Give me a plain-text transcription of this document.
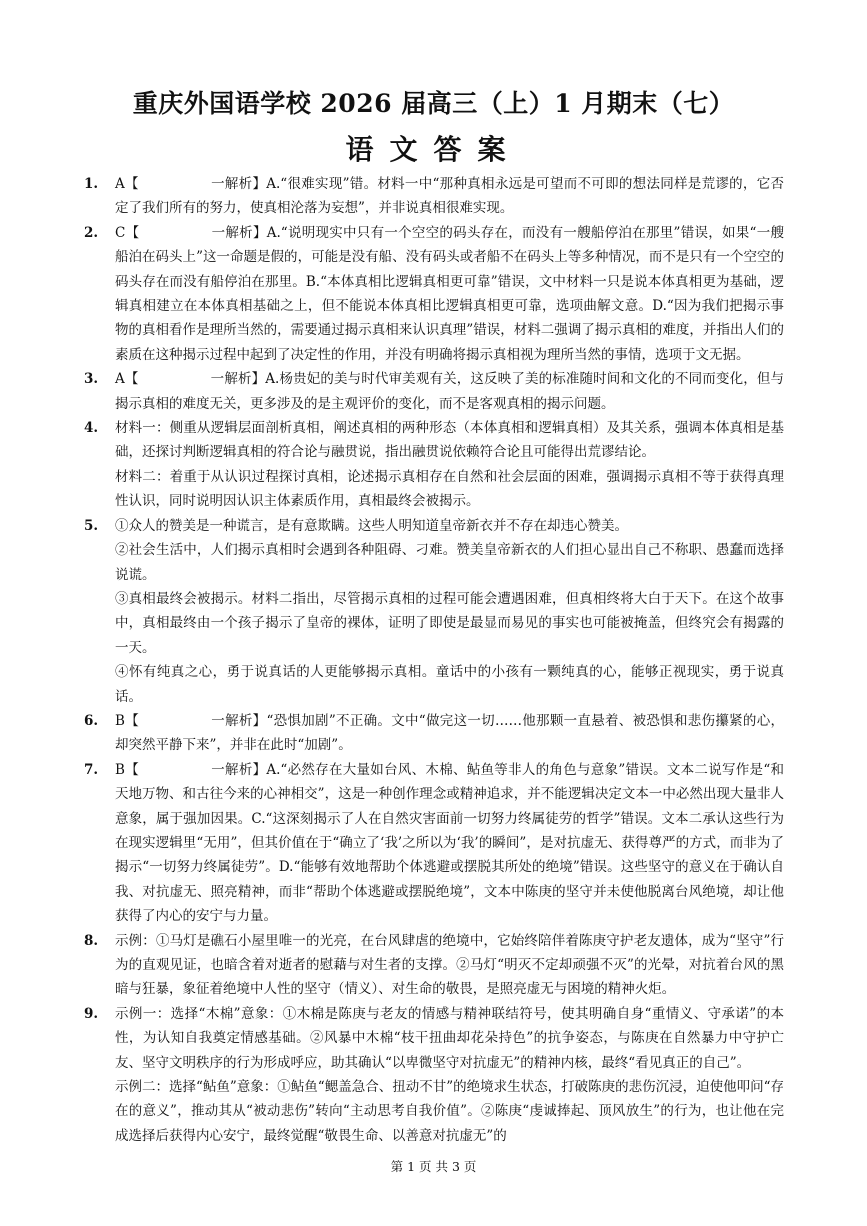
重庆外国语学校 2026 届高三（上）1 月期末（七）
语文答案
1. A【	一解析】A.“很难实现”错。材料一中“那种真相永远是可望而不可即的想法同样是荒谬的，它否定了我们所有的努力，使真相沦落为妄想”，并非说真相很难实现。

2. C【	一解析】A.“说明现实中只有一个空空的码头存在，而没有一艘船停泊在那里”错误，如果“一艘船泊在码头上”这一命题是假的，可能是没有船、没有码头或者船不在码头上等多种情况，而不是只有一个空空的码头存在而没有船停泊在那里。B.“本体真相比逻辑真相更可靠”错误，文中材料一只是说本体真相更为基础，逻辑真相建立在本体真相基础之上，但不能说本体真相比逻辑真相更可靠，选项曲解文意。D.“因为我们把揭示事物的真相看作是理所当然的，需要通过揭示真相来认识真理”错误，材料二强调了揭示真相的难度，并指出人们的素质在这种揭示过程中起到了决定性的作用，并没有明确将揭示真相视为理所当然的事情，选项于文无据。

3. A【	一解析】A.杨贵妃的美与时代审美观有关，这反映了美的标准随时间和文化的不同而变化，但与揭示真相的难度无关，更多涉及的是主观评价的变化，而不是客观真相的揭示问题。

4. 材料一：侧重从逻辑层面剖析真相，阐述真相的两种形态（本体真相和逻辑真相）及其关系，强调本体真相是基础，还探讨判断逻辑真相的符合论与融贯说，指出融贯说依赖符合论且可能得出荒谬结论。

材料二：着重于从认识过程探讨真相，论述揭示真相存在自然和社会层面的困难，强调揭示真相不等于获得真理性认识，同时说明因认识主体素质作用，真相最终会被揭示。

5. ①众人的赞美是一种谎言，是有意欺瞒。这些人明知道皇帝新衣并不存在却违心赞美。

②社会生活中，人们揭示真相时会遇到各种阻碍、刁难。赞美皇帝新衣的人们担心显出自己不称职、愚蠢而选择说谎。

③真相最终会被揭示。材料二指出，尽管揭示真相的过程可能会遭遇困难，但真相终将大白于天下。在这个故事中，真相最终由一个孩子揭示了皇帝的裸体，证明了即使是最显而易见的事实也可能被掩盖，但终究会有揭露的一天。

④怀有纯真之心，勇于说真话的人更能够揭示真相。童话中的小孩有一颗纯真的心，能够正视现实，勇于说真话。

6. B【	一解析】“恐惧加剧”不正确。文中“做完这一切……他那颗一直悬着、被恐惧和悲伤攥紧的心，却突然平静下来”，并非在此时“加剧”。

7. B【	一解析】A.“必然存在大量如台风、木棉、鲇鱼等非人的角色与意象”错误。文本二说写作是“和天地万物、和古往今来的心神相交”，这是一种创作理念或精神追求，并不能逻辑决定文本一中必然出现大量非人意象，属于强加因果。C.“这深刻揭示了人在自然灾害面前一切努力终属徒劳的哲学”错误。文本二承认这些行为在现实逻辑里“无用”，但其价值在于“确立了‘我’之所以为‘我’的瞬间”，是对抗虚无、获得尊严的方式，而非为了揭示“一切努力终属徒劳”。D.“能够有效地帮助个体逃避或摆脱其所处的绝境”错误。这些坚守的意义在于确认自我、对抗虚无、照亮精神，而非“帮助个体逃避或摆脱绝境”，文本中陈庚的坚守并未使他脱离台风绝境，却让他获得了内心的安宁与力量。

8. 示例：①马灯是礁石小屋里唯一的光亮，在台风肆虐的绝境中，它始终陪伴着陈庚守护老友遗体，成为“坚守”行为的直观见证，也暗含着对逝者的慰藉与对生者的支撑。②马灯“明灭不定却顽强不灭”的光晕，对抗着台风的黑暗与狂暴，象征着绝境中人性的坚守（情义）、对生命的敬畏，是照亮虚无与困境的精神火炬。

9. 示例一：选择“木棉”意象：①木棉是陈庚与老友的情感与精神联结符号，使其明确自身“重情义、守承诺”的本性，为认知自我奠定情感基础。②风暴中木棉“枝干扭曲却花朵持色”的抗争姿态，与陈庚在自然暴力中守护亡友、坚守文明秩序的行为形成呼应，助其确认“以卑微坚守对抗虚无”的精神内核，最终“看见真正的自己”。

示例二：选择“鲇鱼”意象：①鲇鱼“鳃盖急合、扭动不甘”的绝境求生状态，打破陈庚的悲伤沉浸，迫使他叩问“存在的意义”，推动其从“被动悲伤”转向“主动思考自我价值”。②陈庚“虔诚捧起、顶风放生”的行为，也让他在完成选择后获得内心安宁，最终觉醒“敬畏生命、以善意对抗虚无”的

第 1 页 共 3 页
